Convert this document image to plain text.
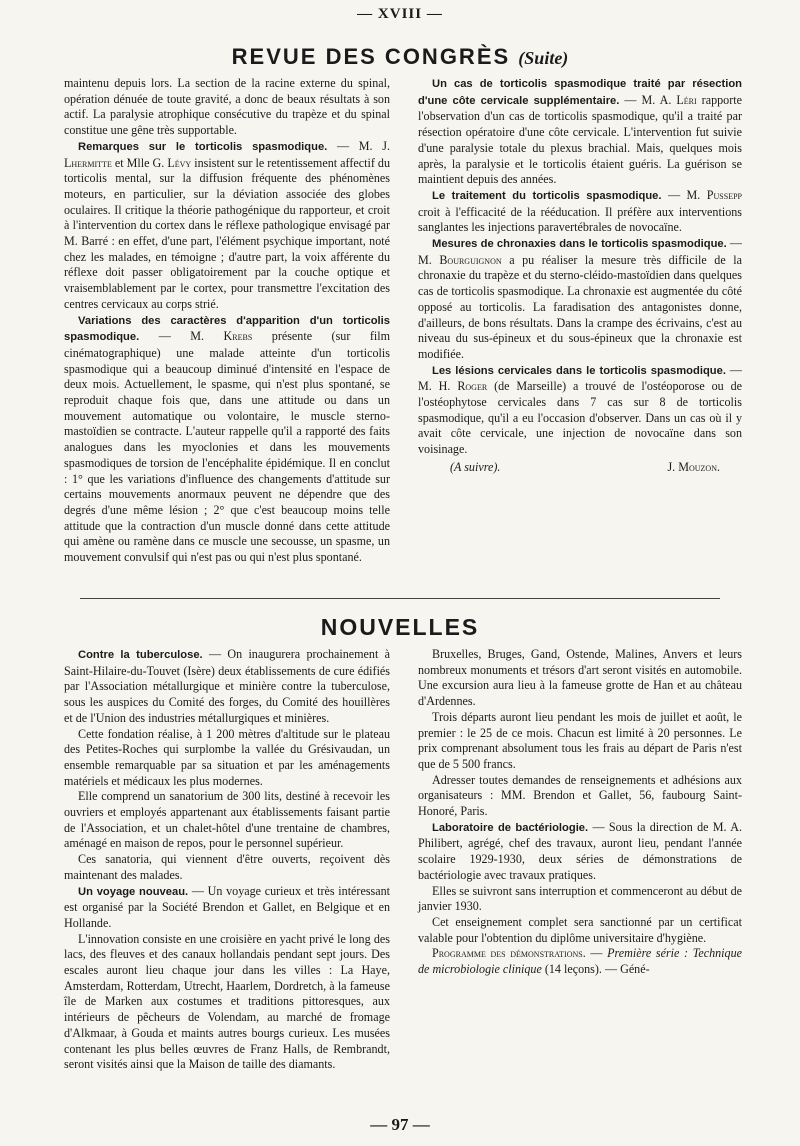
— XVIII —
REVUE DES CONGRÈS (Suite)

maintenu depuis lors. La section de la racine externe du spinal, opération dénuée de toute gravité, a donc de beaux résultats à son actif. La paralysie atrophique consécutive du trapèze et du spinal constitue une gêne très supportable.

Remarques sur le torticolis spasmodique. — M. J. Lhermitte et Mlle G. Lévy insistent sur le retentissement affectif du torticolis mental, sur la diffusion fréquente des phénomènes moteurs, en particulier, sur la déviation associée des globes oculaires. Il critique la théorie pathogénique du rapporteur, et croit à l'intervention du cortex dans le réflexe pathologique envisagé par M. Barré : en effet, d'une part, l'élément psychique important, noté chez les malades, en témoigne ; d'autre part, la voix afférente du réflexe doit passer obligatoirement par la couche optique et vraisemblablement par le cortex, pour transmettre l'excitation des centres cervicaux au corps strié.

Variations des caractères d'apparition d'un torticolis spasmodique. — M. Krebs présente (sur film cinématographique) une malade atteinte d'un torticolis spasmodique qui a beaucoup diminué d'intensité en l'espace de deux mois. Actuellement, le spasme, qui n'est plus spontané, se reproduit chaque fois que, dans une attitude ou dans un mouvement automatique ou volontaire, le muscle sterno-mastoïdien se contracte. L'auteur rappelle qu'il a rapporté des faits analogues dans les myoclonies et dans les mouvements spasmodiques de torsion de l'encéphalite épidémique. Il en conclut : 1° que les variations d'influence des changements d'attitude sur certains mouvements anormaux peuvent ne dépendre que des degrés d'une même lésion ; 2° que c'est beaucoup moins telle attitude que la contraction d'un muscle donné dans cette attitude qui amène ou ramène dans ce muscle une secousse, un spasme, un mouvement convulsif qui n'est pas ou qui n'est plus spontané.

Un cas de torticolis spasmodique traité par résection d'une côte cervicale supplémentaire. — M. A. Léri rapporte l'observation d'un cas de torticolis spasmodique, qu'il a traité par résection opératoire d'une côte cervicale. L'intervention fut suivie d'une paralysie totale du plexus brachial. Mais, quelques mois après, la paralysie et le torticolis étaient guéris. La guérison se maintient depuis des années.

Le traitement du torticolis spasmodique. — M. Pussepp croit à l'efficacité de la rééducation. Il préfère aux interventions sanglantes les injections paravertébrales de novocaïne.

Mesures de chronaxies dans le torticolis spasmodique. — M. Bourguignon a pu réaliser la mesure très difficile de la chronaxie du trapèze et du sterno-cléido-mastoïdien dans quelques cas de torticolis spasmodique. La chronaxie est augmentée du côté opposé au torticolis. La faradisation des antagonistes donne, d'ailleurs, de bons résultats. Dans la crampe des écrivains, c'est au niveau du sus-épineux et du sous-épineux que la chronaxie est modifiée.

Les lésions cervicales dans le torticolis spasmodique. — M. H. Roger (de Marseille) a trouvé de l'ostéoporose ou de l'ostéophytose cervicales dans 7 cas sur 8 de torticolis spasmodique, qu'il a eu l'occasion d'observer. Dans un cas où il y avait côte cervicale, une injection de novocaïne dans son voisinage.

(A suivre).	J. Mouzon.
NOUVELLES

Contre la tuberculose. — On inaugurera prochainement à Saint-Hilaire-du-Touvet (Isère) deux établissements de cure édifiés par l'Association métallurgique et minière contre la tuberculose, sous les auspices du Comité des forges, du Comité des houillères et de l'Union des industries métallurgiques et minières.

Cette fondation réalise, à 1 200 mètres d'altitude sur le plateau des Petites-Roches qui surplombe la vallée du Grésivaudan, un ensemble remarquable par sa situation et par les aménagements matériels et médicaux les plus modernes.

Elle comprend un sanatorium de 300 lits, destiné à recevoir les ouvriers et employés appartenant aux établissements faisant partie de l'Association, et un chalet-hôtel d'une trentaine de chambres, aménagé en maison de repos, pour le personnel supérieur.

Ces sanatoria, qui viennent d'être ouverts, reçoivent dès maintenant des malades.

Un voyage nouveau. — Un voyage curieux et très intéressant est organisé par la Société Brendon et Gallet, en Belgique et en Hollande.

L'innovation consiste en une croisière en yacht privé le long des lacs, des fleuves et des canaux hollandais pendant sept jours. Des escales auront lieu chaque jour dans les villes : La Haye, Amsterdam, Rotterdam, Utrecht, Haarlem, Dordretch, à la fameuse île de Marken aux costumes et traditions pittoresques, aux intérieurs de pêcheurs de Volendam, au marché de fromage d'Alkmaar, à Gouda et maints autres bourgs curieux. Les musées contenant les plus belles œuvres de Franz Halls, de Rembrandt, seront visités ainsi que la Maison de taille des diamants.

Bruxelles, Bruges, Gand, Ostende, Malines, Anvers et leurs nombreux monuments et trésors d'art seront visités en automobile. Une excursion aura lieu à la fameuse grotte de Han et au château d'Ardennes.

Trois départs auront lieu pendant les mois de juillet et août, le premier : le 25 de ce mois. Chacun est limité à 20 personnes. Le prix comprenant absolument tous les frais au départ de Paris n'est que de 5 500 francs.

Adresser toutes demandes de renseignements et adhésions aux organisateurs : MM. Brendon et Gallet, 56, faubourg Saint-Honoré, Paris.

Laboratoire de bactériologie. — Sous la direction de M. A. Philibert, agrégé, chef des travaux, auront lieu, pendant l'année scolaire 1929-1930, deux séries de démonstrations de bactériologie avec travaux pratiques.

Elles se suivront sans interruption et commenceront au début de janvier 1930.

Cet enseignement complet sera sanctionné par un certificat valable pour l'obtention du diplôme universitaire d'hygiène.

Programme des démonstrations. — Première série : Technique de microbiologie clinique (14 leçons). — Géné-

— 97 —
